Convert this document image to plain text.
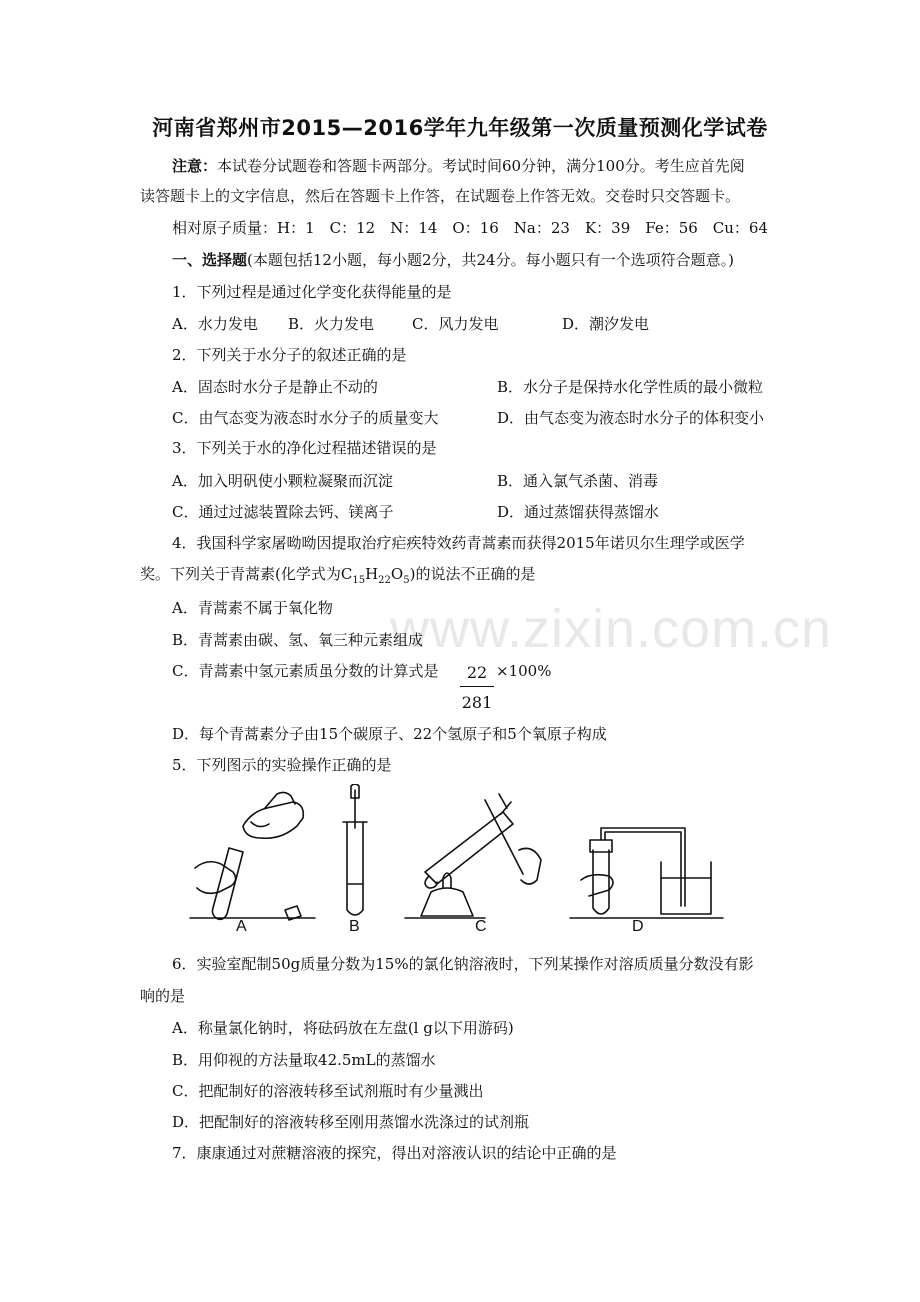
www.zixin.com.cn
河南省郑州市2015—2016学年九年级第一次质量预测化学试卷
注意：本试卷分试题卷和答题卡两部分。考试时间60分钟，满分100分。考生应首先阅
读答题卡上的文字信息，然后在答题卡上作答，在试题卷上作答无效。交卷时只交答题卡。
相对原子质量：H：1　C：12　N：14　O：16　Na：23　K：39　Fe：56　Cu：64
一、选择题(本题包括12小题，每小题2分，共24分。每小题只有一个选项符合题意。)
1．下列过程是通过化学变化获得能量的是
A．水力发电 B．火力发电	C．风力发电	D．潮汐发电
2．下列关于水分子的叙述正确的是
A．固态时水分子是静止不动的	B．水分子是保持水化学性质的最小微粒
C．由气态变为液态时水分子的质量变大	D．由气态变为液态时水分子的体积变小
3．下列关于水的净化过程描述错误的是
A．加入明矾使小颗粒凝聚而沉淀	B．通入氯气杀菌、消毒
C．通过过滤装置除去钙、镁离子	D．通过蒸馏获得蒸馏水
4．我国科学家屠呦呦因提取治疗疟疾特效药青蒿素而获得2015年诺贝尔生理学或医学
奖。下列关于青蒿素(化学式为$C_{15}H_{22}O_5$)的说法不正确的是
A．青蒿素不属于氧化物
B．青蒿素由碳、氢、氧三种元素组成
C．青蒿素中氢元素质虽分数的计算式是	22
281
×100%
D．每个青蒿素分子由15个碳原子、22个氢原子和5个氧原子构成
5．下列图示的实验操作正确的是
A	B	C	D
6．实验室配制50g质量分数为15%的氯化钠溶液时，下列某操作对溶质质量分数没有影
响的是
A．称量氯化钠时，将砝码放在左盘(l g以下用游码)
B．用仰视的方法量取42.5mL的蒸馏水
C．把配制好的溶液转移至试剂瓶时有少量溅出
D．把配制好的溶液转移至刚用蒸馏水洗涤过的试剂瓶
7．康康通过对蔗糖溶液的探究，得出对溶液认识的结论中正确的是
